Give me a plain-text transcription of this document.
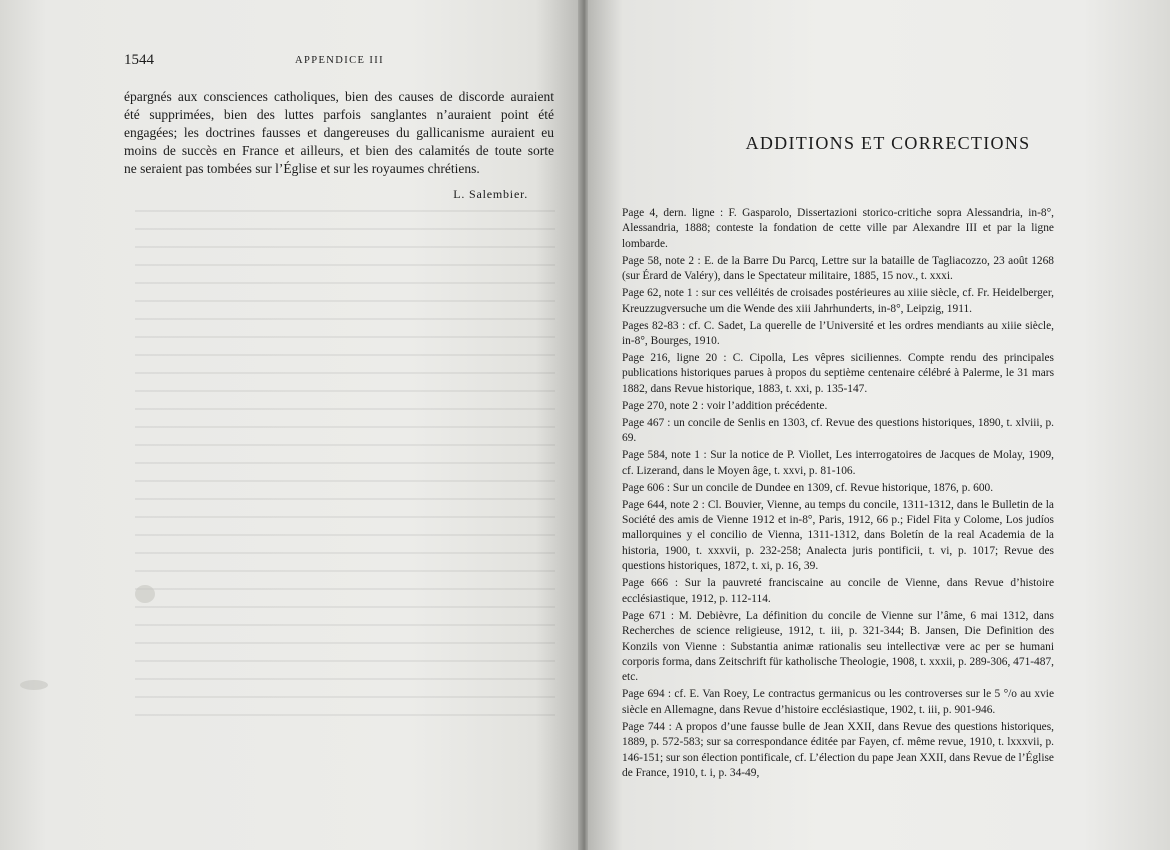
1544	APPENDICE III
épargnés aux consciences catholiques, bien des causes de discorde auraient
été supprimées, bien des luttes parfois sanglantes n’auraient point été
engagées; les doctrines fausses et dangereuses du gallicanisme auraient eu
moins de succès en France et ailleurs, et bien des calamités de toute sorte
ne seraient pas tombées sur l’Église et sur les royaumes chrétiens.
L. Salembier.
ADDITIONS ET CORRECTIONS

Page 4, dern. ligne : F. Gasparolo, Dissertazioni storico-critiche sopra Alessandria, in-8°, Alessandria, 1888; conteste la fondation de cette ville par Alexandre III et par la ligne lombarde.

Page 58, note 2 : E. de la Barre Du Parcq, Lettre sur la bataille de Tagliacozzo, 23 août 1268 (sur Érard de Valéry), dans le Spectateur militaire, 1885, 15 nov., t. xxxi.

Page 62, note 1 : sur ces velléités de croisades postérieures au xiiie siècle, cf. Fr. Heidelberger, Kreuzzugversuche um die Wende des xiii Jahrhunderts, in-8°, Leipzig, 1911.

Pages 82-83 : cf. C. Sadet, La querelle de l’Université et les ordres mendiants au xiiie siècle, in-8°, Bourges, 1910.

Page 216, ligne 20 : C. Cipolla, Les vêpres siciliennes. Compte rendu des principales publications historiques parues à propos du septième centenaire célébré à Palerme, le 31 mars 1882, dans Revue historique, 1883, t. xxi, p. 135-147.

Page 270, note 2 : voir l’addition précédente.

Page 467 : un concile de Senlis en 1303, cf. Revue des questions historiques, 1890, t. xlviii, p. 69.

Page 584, note 1 : Sur la notice de P. Viollet, Les interrogatoires de Jacques de Molay, 1909, cf. Lizerand, dans le Moyen âge, t. xxvi, p. 81-106.

Page 606 : Sur un concile de Dundee en 1309, cf. Revue historique, 1876, p. 600.

Page 644, note 2 : Cl. Bouvier, Vienne, au temps du concile, 1311-1312, dans le Bulletin de la Société des amis de Vienne 1912 et in-8°, Paris, 1912, 66 p.; Fidel Fita y Colome, Los judíos mallorquines y el concilio de Vienna, 1311-1312, dans Boletín de la real Academia de la historia, 1900, t. xxxvii, p. 232-258; Analecta juris pontificii, t. vi, p. 1017; Revue des questions historiques, 1872, t. xi, p. 16, 39.

Page 666 : Sur la pauvreté franciscaine au concile de Vienne, dans Revue d’histoire ecclésiastique, 1912, p. 112-114.

Page 671 : M. Debièvre, La définition du concile de Vienne sur l’âme, 6 mai 1312, dans Recherches de science religieuse, 1912, t. iii, p. 321-344; B. Jansen, Die Definition des Konzils von Vienne : Substantia animæ rationalis seu intellectivæ vere ac per se humani corporis forma, dans Zeitschrift für katholische Theologie, 1908, t. xxxii, p. 289-306, 471-487, etc.

Page 694 : cf. E. Van Roey, Le contractus germanicus ou les controverses sur le 5 °/o au xvie siècle en Allemagne, dans Revue d’histoire ecclésiastique, 1902, t. iii, p. 901-946.

Page 744 : A propos d’une fausse bulle de Jean XXII, dans Revue des questions historiques, 1889, p. 572-583; sur sa correspondance éditée par Fayen, cf. même revue, 1910, t. lxxxvii, p. 146-151; sur son élection pontificale, cf. L’élection du pape Jean XXII, dans Revue de l’Église de France, 1910, t. i, p. 34-49,
